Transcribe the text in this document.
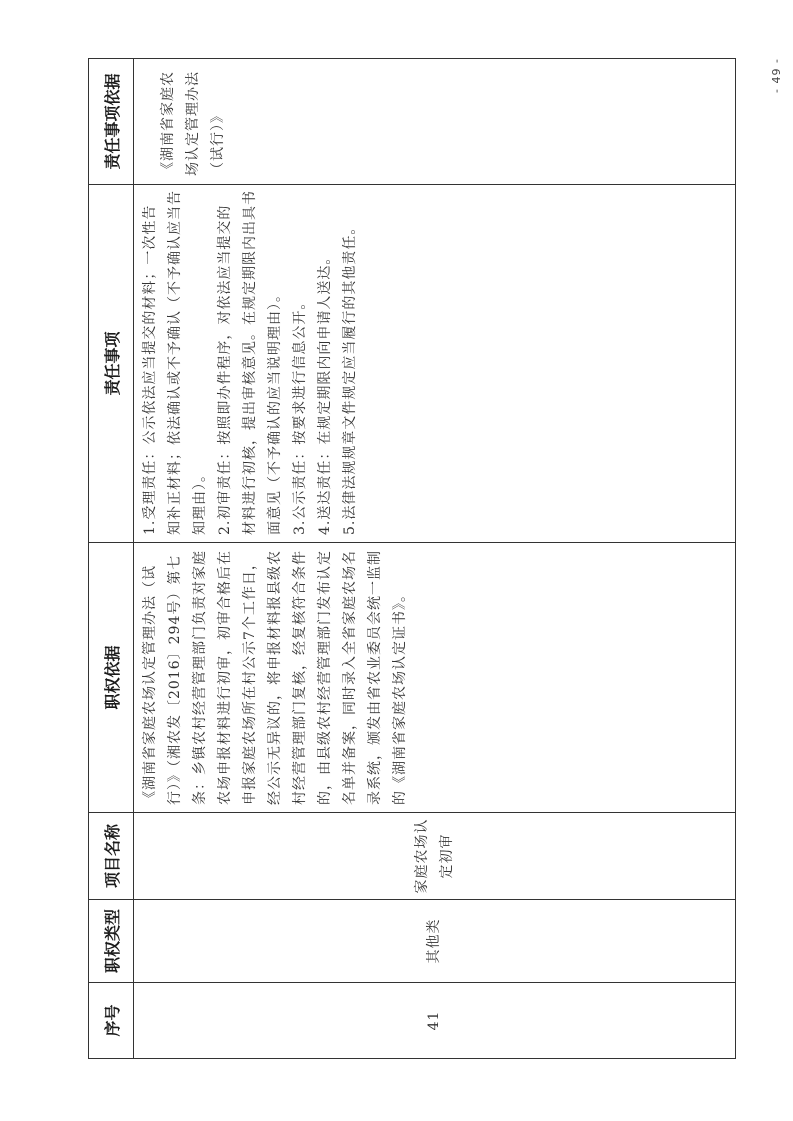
序号	职权类型	项目名称	职权依据	责任事项	责任事项依据
41	其他类	家庭农场认定初审	《湖南省家庭农场认定管理办法（试行）》（湘农发〔2016〕294号）第七条：乡镇农村经营管理部门负责对家庭农场申报材料进行初审，初审合格后在申报家庭农场所在村公示7个工作日，经公示无异议的，将申报材料报县级农村经营管理部门复核，经复核符合条件的，由县级农村经营管理部门发布认定名单并备案，同时录入全省家庭农场名录系统，颁发由省农业委员会统一监制的《湖南省家庭农场认定证书》。	1.受理责任：公示依法应当提交的材料；一次性告知补正材料；依法确认或不予确认（不予确认应当告知理由）。 2.初审责任：按照即办件程序，对依法应当提交的材料进行初核，提出审核意见。在规定期限内出具书面意见（不予确认的应当说明理由）。 3.公示责任：按要求进行信息公开。 4.送达责任：在规定期限内向申请人送达。 5.法律法规规章文件规定应当履行的其他责任。	《湖南省家庭农场认定管理办法（试行）》
- 49 -
